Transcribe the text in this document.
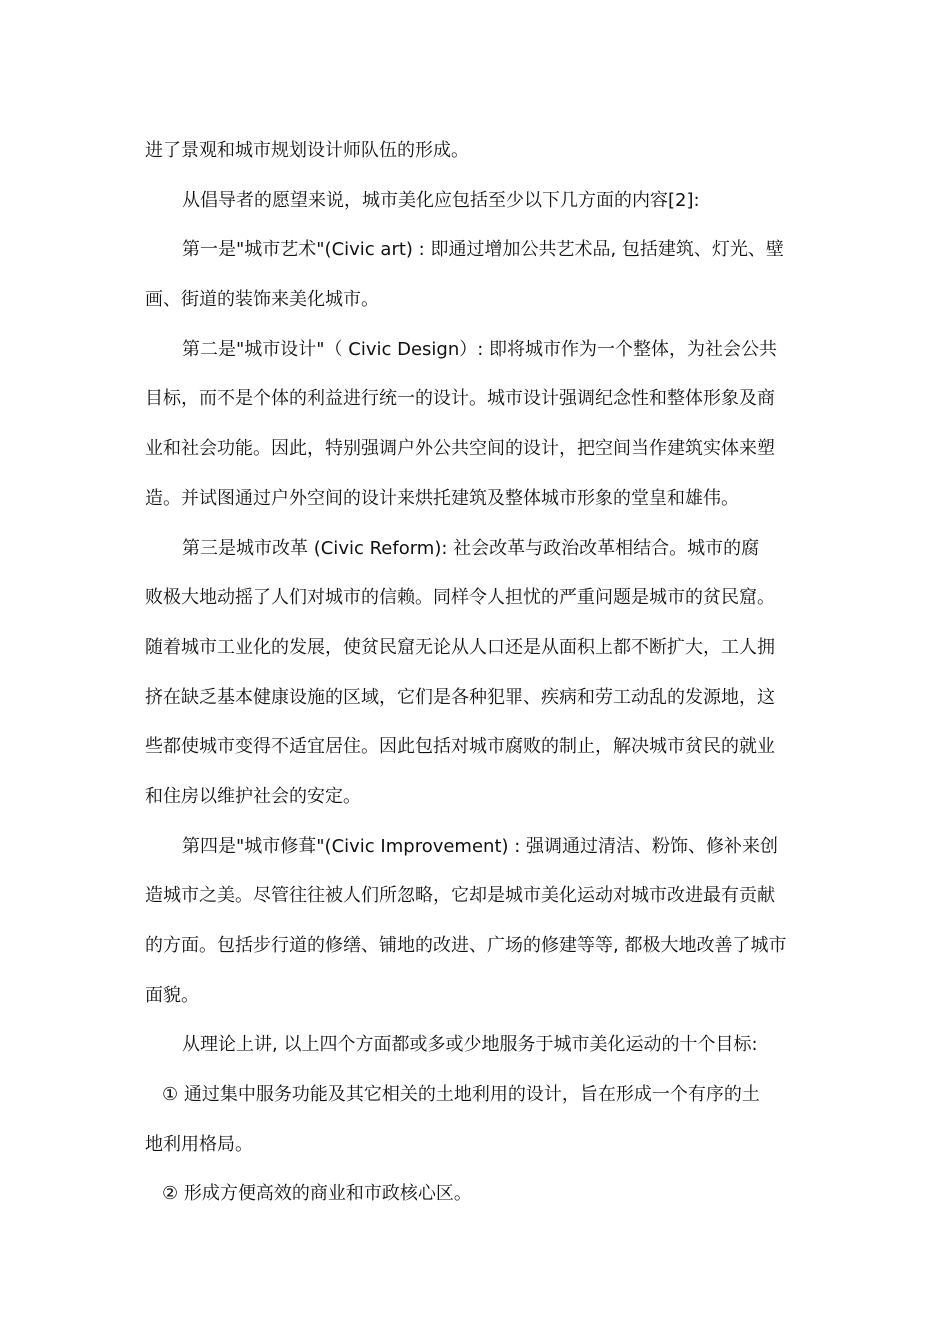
进了景观和城市规划设计师队伍的形成。
从倡导者的愿望来说，城市美化应包括至少以下几方面的内容[2]:
第一是"城市艺术"(Civic art) : 即通过增加公共艺术品, 包括建筑、灯光、壁
画、街道的装饰来美化城市。
第二是"城市设计"（ Civic Design）: 即将城市作为一个整体，为社会公共
目标，而不是个体的利益进行统一的设计。城市设计强调纪念性和整体形象及商
业和社会功能。因此，特别强调户外公共空间的设计，把空间当作建筑实体来塑
造。并试图通过户外空间的设计来烘托建筑及整体城市形象的堂皇和雄伟。
第三是城市改革 (Civic Reform): 社会改革与政治改革相结合。城市的腐
败极大地动摇了人们对城市的信赖。同样令人担忧的严重问题是城市的贫民窟。
随着城市工业化的发展，使贫民窟无论从人口还是从面积上都不断扩大，工人拥
挤在缺乏基本健康设施的区域，它们是各种犯罪、疾病和劳工动乱的发源地，这
些都使城市变得不适宜居住。因此包括对城市腐败的制止，解决城市贫民的就业
和住房以维护社会的安定。
第四是"城市修葺"(Civic Improvement) : 强调通过清洁、粉饰、修补来创
造城市之美。尽管往往被人们所忽略，它却是城市美化运动对城市改进最有贡献
的方面。包括步行道的修缮、铺地的改进、广场的修建等等, 都极大地改善了城市
面貌。
从理论上讲, 以上四个方面都或多或少地服务于城市美化运动的十个目标:
① 通过集中服务功能及其它相关的土地利用的设计，旨在形成一个有序的土
地利用格局。
② 形成方便高效的商业和市政核心区。
